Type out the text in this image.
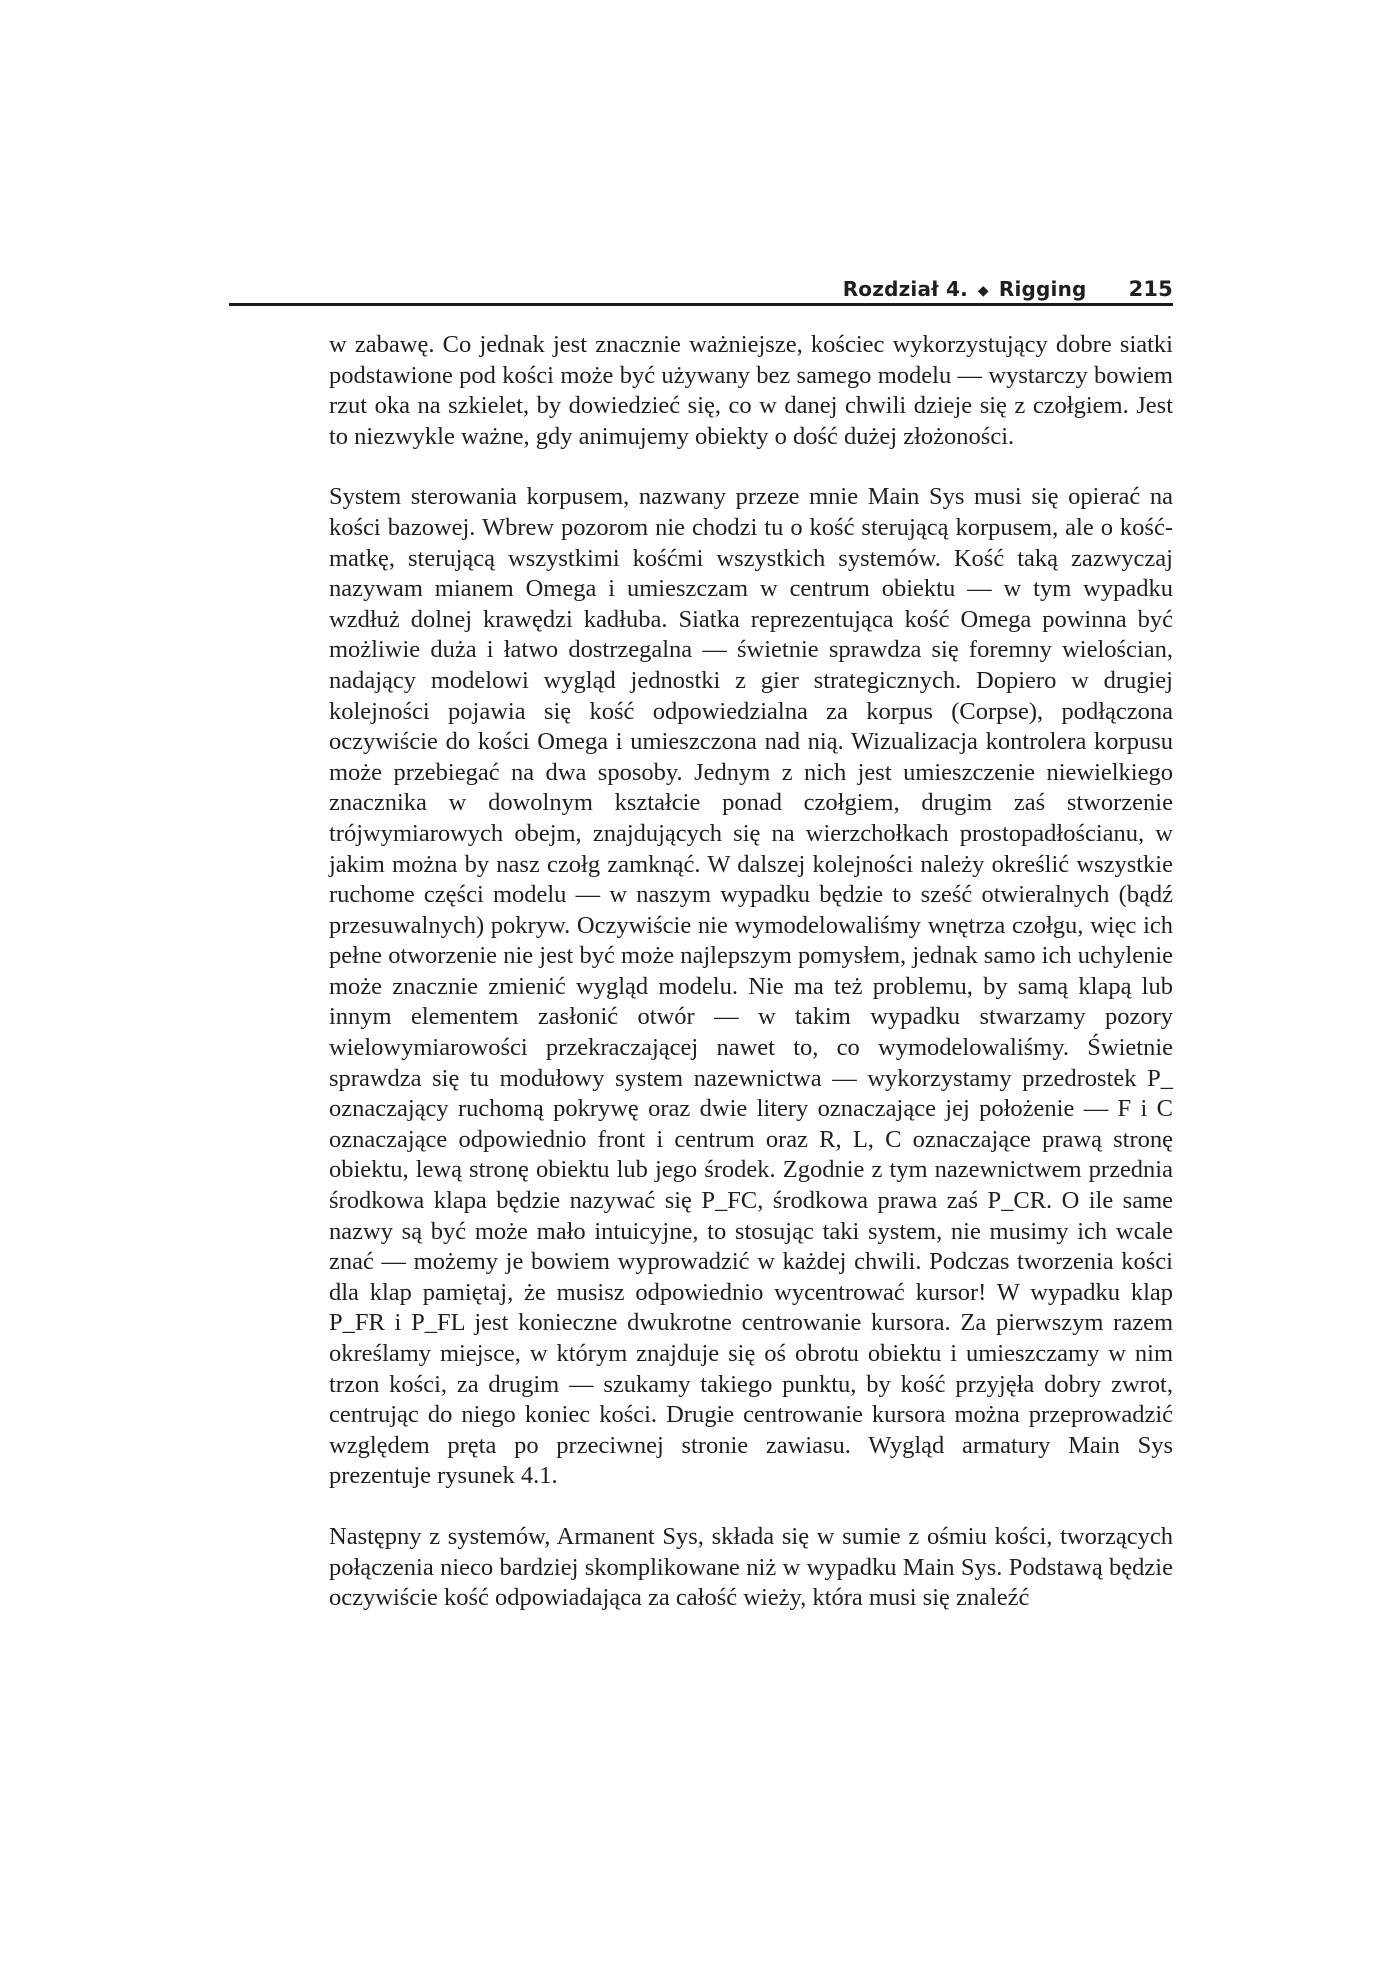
Rozdział 4. ◆ Rigging 215

w zabawę. Co jednak jest znacznie ważniejsze, kościec wykorzystujący dobre siatki podstawione pod kości może być używany bez samego modelu — wystarczy bowiem rzut oka na szkielet, by dowiedzieć się, co w danej chwili dzieje się z czołgiem. Jest to niezwykle ważne, gdy animujemy obiekty o dość dużej złożoności.

System sterowania korpusem, nazwany przeze mnie Main Sys musi się opierać na kości bazowej. Wbrew pozorom nie chodzi tu o kość sterującą korpusem, ale o kość-matkę, sterującą wszystkimi kośćmi wszystkich systemów. Kość taką zazwyczaj nazywam mianem Omega i umieszczam w centrum obiektu — w tym wypadku wzdłuż dolnej krawędzi kadłuba. Siatka reprezentująca kość Omega powinna być możliwie duża i łatwo dostrzegalna — świetnie sprawdza się foremny wielościan, nadający modelowi wygląd jednostki z gier strategicznych. Dopiero w drugiej kolejności pojawia się kość odpowiedzialna za korpus (Corpse), podłączona oczywiście do kości Omega i umieszczona nad nią. Wizualizacja kontrolera korpusu może przebiegać na dwa sposoby. Jednym z nich jest umieszczenie niewielkiego znacznika w dowolnym kształcie ponad czołgiem, drugim zaś stworzenie trójwymiarowych obejm, znajdujących się na wierzchołkach prostopadłościanu, w jakim można by nasz czołg zamknąć. W dalszej kolejności należy określić wszystkie ruchome części modelu — w naszym wypadku będzie to sześć otwieralnych (bądź przesuwalnych) pokryw. Oczywiście nie wymodelowaliśmy wnętrza czołgu, więc ich pełne otworzenie nie jest być może najlepszym pomysłem, jednak samo ich uchylenie może znacznie zmienić wygląd modelu. Nie ma też problemu, by samą klapą lub innym elementem zasłonić otwór — w takim wypadku stwarzamy pozory wielowymiarowości przekraczającej nawet to, co wymodelowaliśmy. Świetnie sprawdza się tu modułowy system nazewnictwa — wykorzystamy przedrostek P_ oznaczający ruchomą pokrywę oraz dwie litery oznaczające jej położenie — F i C oznaczające odpowiednio front i centrum oraz R, L, C oznaczające prawą stronę obiektu, lewą stronę obiektu lub jego środek. Zgodnie z tym nazewnictwem przednia środkowa klapa będzie nazywać się P_FC, środkowa prawa zaś P_CR. O ile same nazwy są być może mało intuicyjne, to stosując taki system, nie musimy ich wcale znać — możemy je bowiem wyprowadzić w każdej chwili. Podczas tworzenia kości dla klap pamiętaj, że musisz odpowiednio wycentrować kursor! W wypadku klap P_FR i P_FL jest konieczne dwukrotne centrowanie kursora. Za pierwszym razem określamy miejsce, w którym znajduje się oś obrotu obiektu i umieszczamy w nim trzon kości, za drugim — szukamy takiego punktu, by kość przyjęła dobry zwrot, centrując do niego koniec kości. Drugie centrowanie kursora można przeprowadzić względem pręta po przeciwnej stronie zawiasu. Wygląd armatury Main Sys prezentuje rysunek 4.1.

Następny z systemów, Armanent Sys, składa się w sumie z ośmiu kości, tworzących połączenia nieco bardziej skomplikowane niż w wypadku Main Sys. Podstawą będzie oczywiście kość odpowiadająca za całość wieży, która musi się znaleźć
